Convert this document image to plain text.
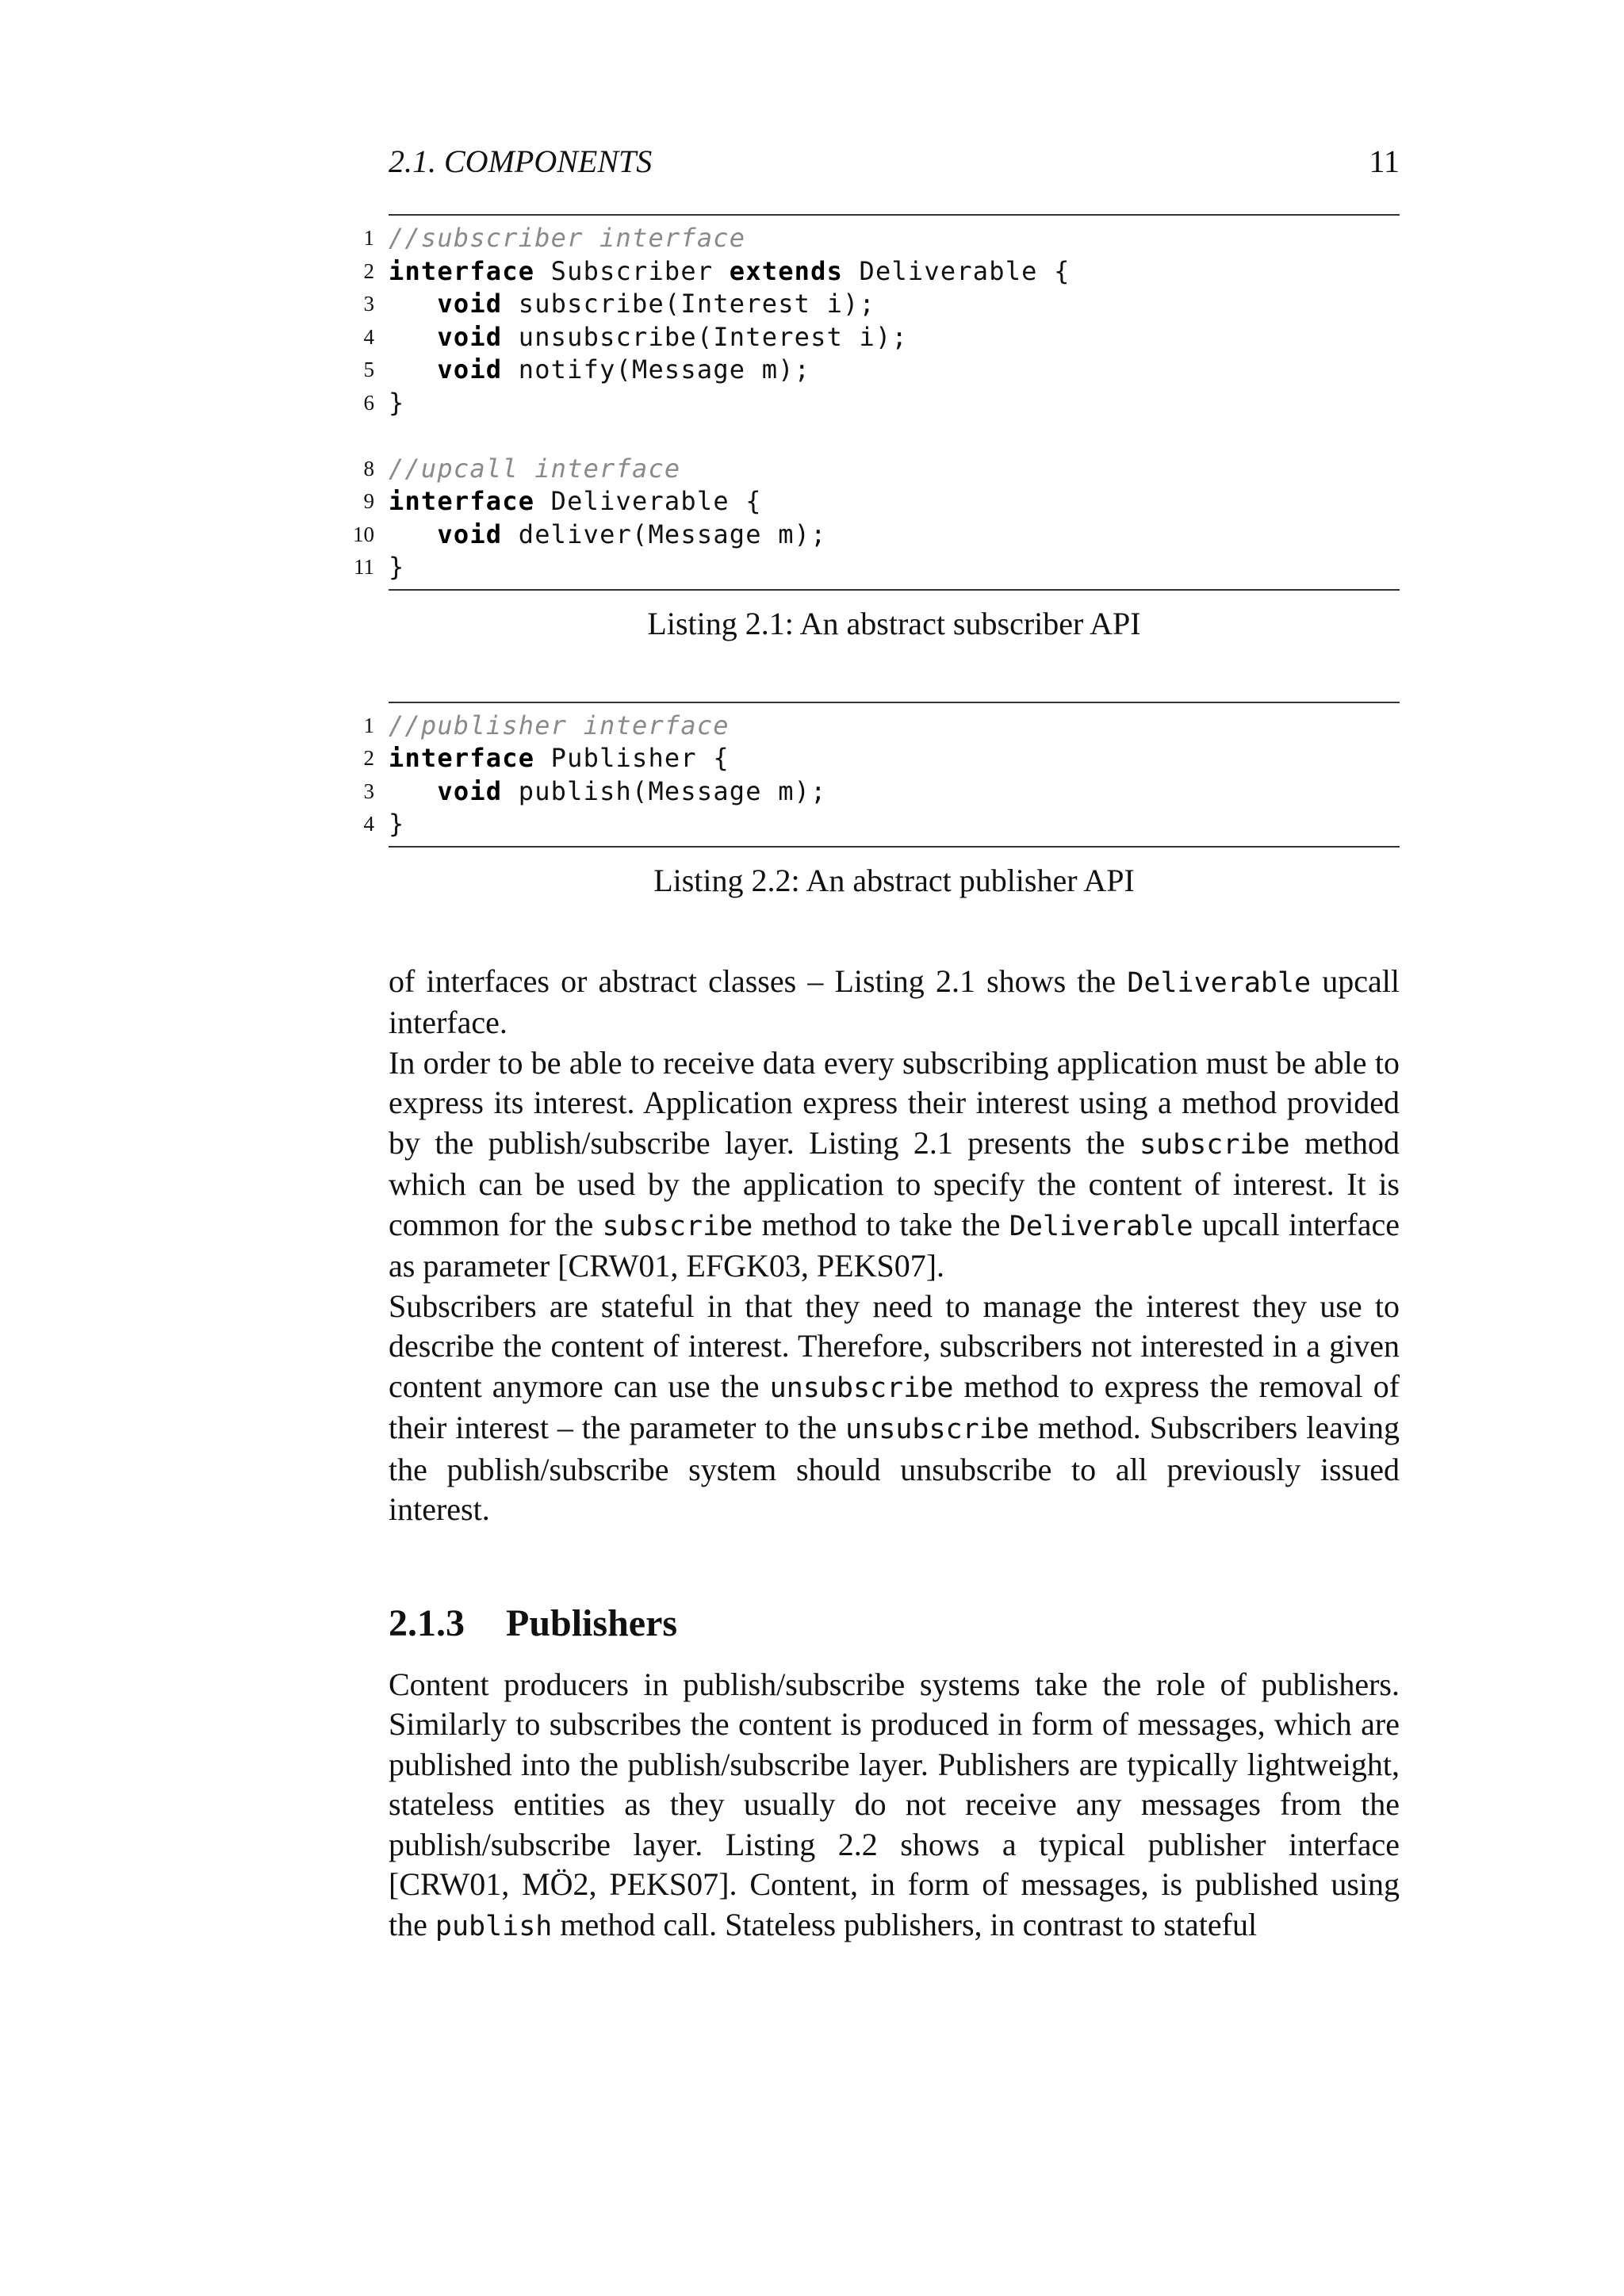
2.1. COMPONENTS	11
1 //subscriber interface
2 interface Subscriber extends Deliverable {
3 void subscribe(Interest i);
4 void unsubscribe(Interest i);
5 void notify(Message m);
6 }
8 //upcall interface
9 interface Deliverable {
10 void deliver(Message m);
11 }
Listing 2.1: An abstract subscriber API
1 //publisher interface
2 interface Publisher {
3 void publish(Message m);
4 }
Listing 2.2: An abstract publisher API

of interfaces or abstract classes – Listing 2.1 shows the Deliverable upcall interface.

In order to be able to receive data every subscribing application must be able to express its interest. Application express their interest using a method provided by the publish/subscribe layer. Listing 2.1 presents the subscribe method which can be used by the application to specify the content of interest. It is common for the subscribe method to take the Deliverable upcall interface as parameter [CRW01, EFGK03, PEKS07].

Subscribers are stateful in that they need to manage the interest they use to describe the content of interest. Therefore, subscribers not interested in a given content anymore can use the unsubscribe method to express the removal of their interest – the parameter to the unsubscribe method. Subscribers leaving the publish/subscribe system should unsubscribe to all previously issued interest.

2.1.3 Publishers

Content producers in publish/subscribe systems take the role of publishers. Similarly to subscribes the content is produced in form of messages, which are published into the publish/subscribe layer. Publishers are typically lightweight, stateless entities as they usually do not receive any messages from the publish/subscribe layer. Listing 2.2 shows a typical publisher interface [CRW01, MÖ2, PEKS07]. Content, in form of messages, is published using the publish method call. Stateless publishers, in contrast to stateful
